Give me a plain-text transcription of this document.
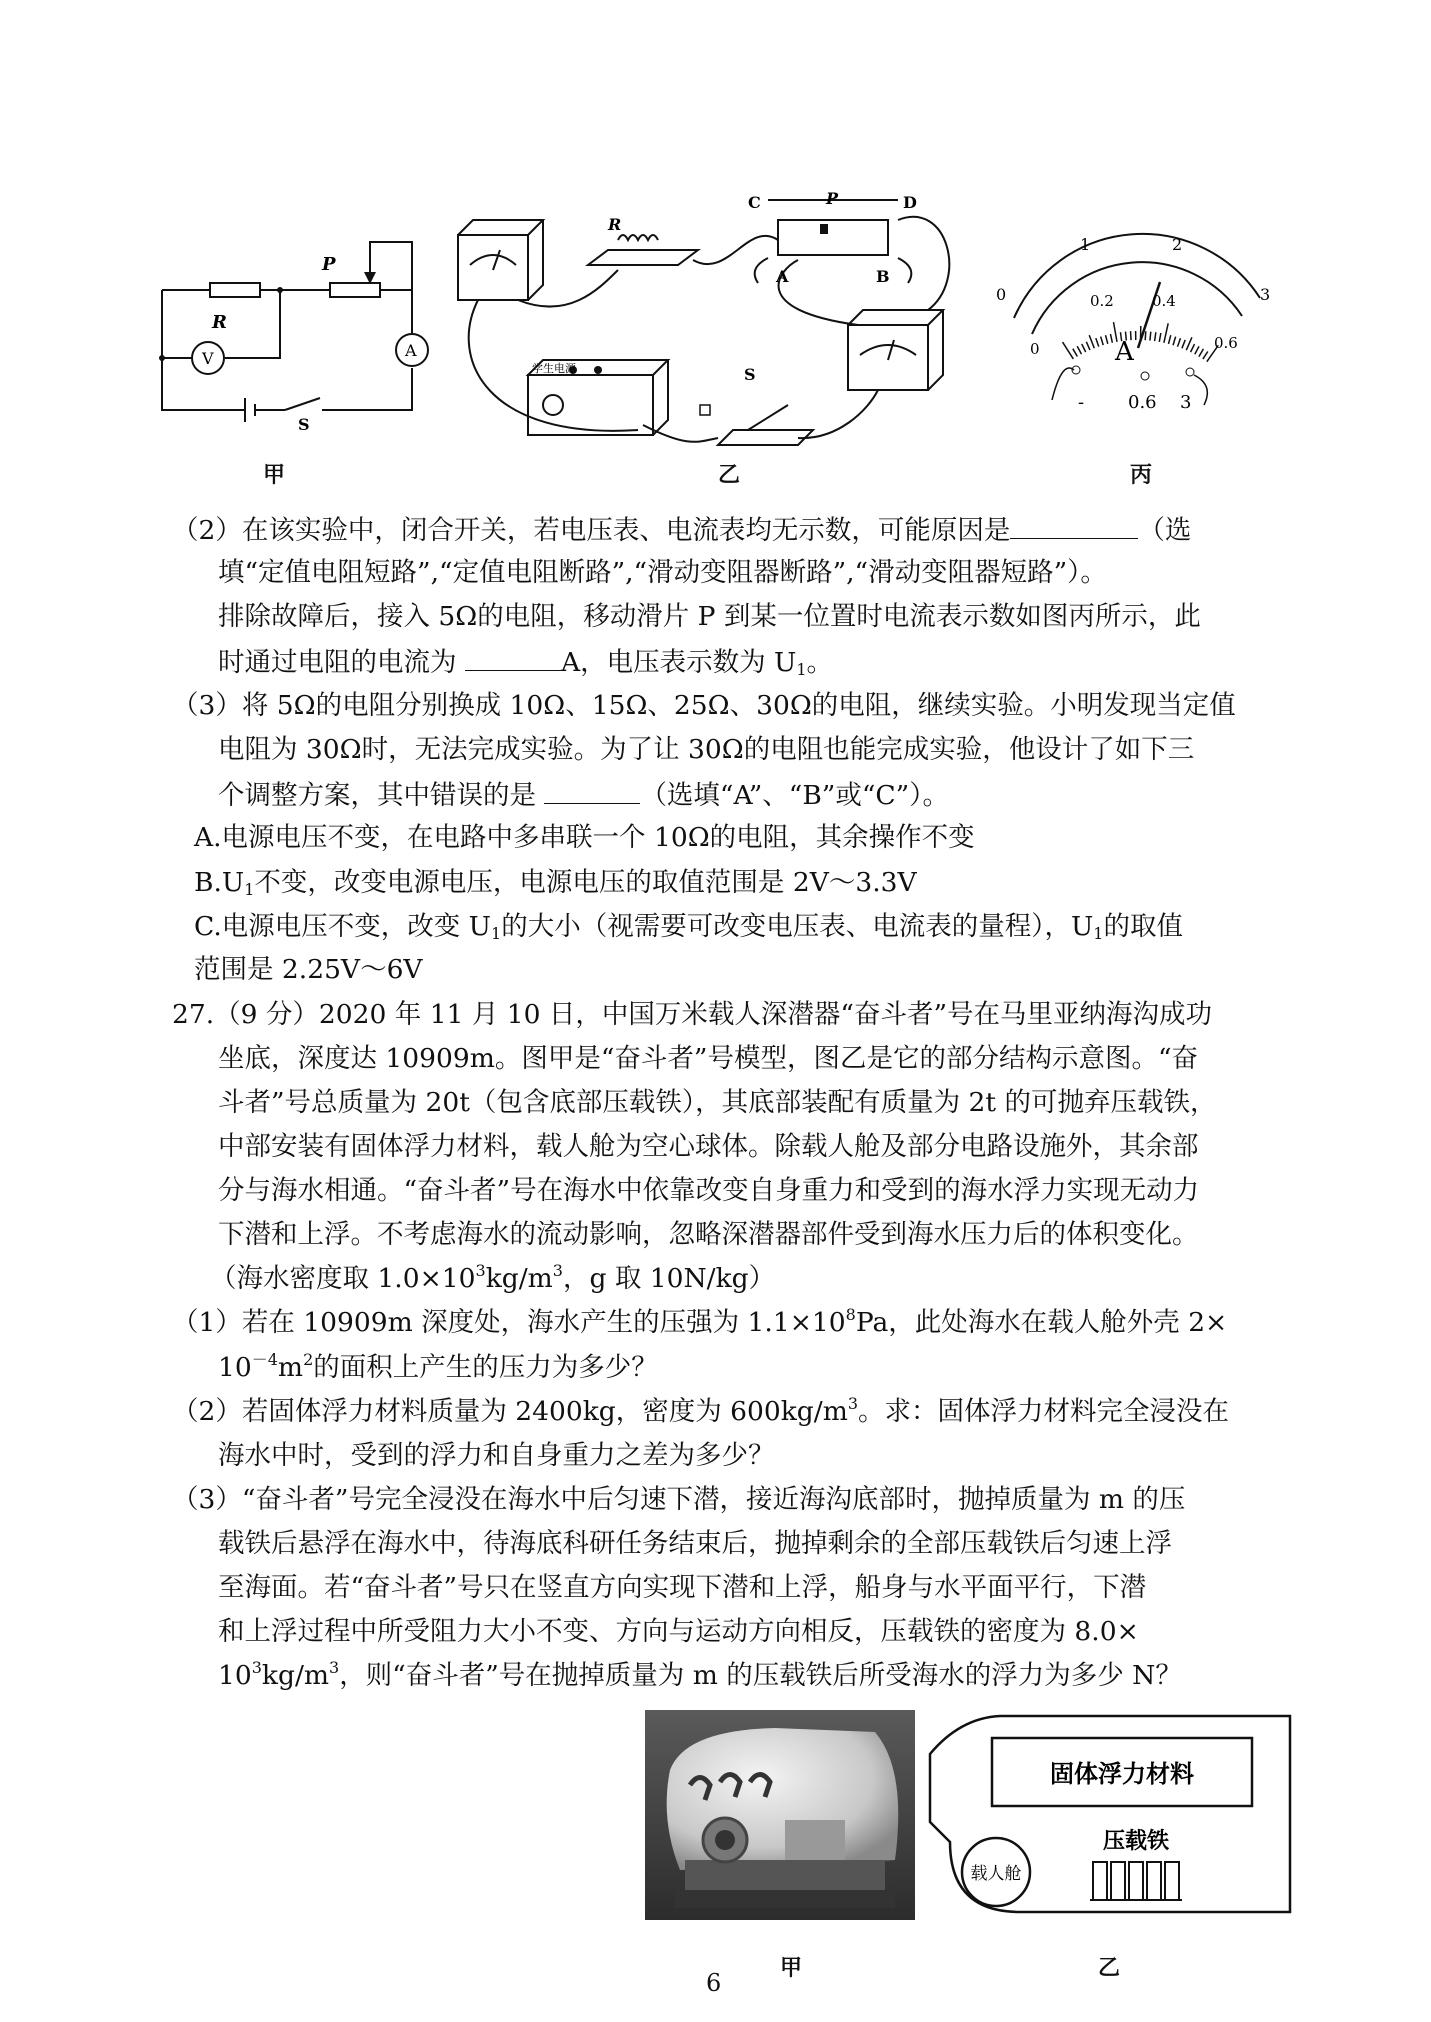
R
P
V	A
S
甲
R
C	P	D
A	B
S
学生电源
乙
0
1	2
3
0
0.2	0.4
0.6
A
- 0.6 3
丙
（2）在该实验中，闭合开关，若电压表、电流表均无示数，可能原因是	（选
填“定值电阻短路”,“定值电阻断路”,“滑动变阻器断路”,“滑动变阻器短路”）。
排除故障后，接入 5Ω的电阻，移动滑片 P 到某一位置时电流表示数如图丙所示，此
时通过电阻的电流为	A，电压表示数为 $U_1$。
（3）将 5Ω的电阻分别换成 10Ω、15Ω、25Ω、30Ω的电阻，继续实验。小明发现当定值
电阻为 30Ω时，无法完成实验。为了让 30Ω的电阻也能完成实验，他设计了如下三
个调整方案，其中错误的是	（选填“A”、“B”或“C”）。
A.电源电压不变，在电路中多串联一个 10Ω的电阻，其余操作不变
$B.U_1$不变，改变电源电压，电源电压的取值范围是 2V～3.3V
C.电源电压不变，改变 $U_1$的大小（视需要可改变电压表、电流表的量程），$U_1$的取值
范围是 2.25V～6V
27.（9 分）2020 年 11 月 10 日，中国万米载人深潜器“奋斗者”号在马里亚纳海沟成功
坐底，深度达 10909m。图甲是“奋斗者”号模型，图乙是它的部分结构示意图。“奋
斗者”号总质量为 20t（包含底部压载铁），其底部装配有质量为 2t 的可抛弃压载铁，
中部安装有固体浮力材料，载人舱为空心球体。除载人舱及部分电路设施外，其余部
分与海水相通。“奋斗者”号在海水中依靠改变自身重力和受到的海水浮力实现无动力
下潜和上浮。不考虑海水的流动影响，忽略深潜器部件受到海水压力后的体积变化。
（海水密度取 $1.0\times 10^3kg/m^3$，g 取 10N/kg）
（1）若在 10909m 深度处，海水产生的压强为 $1.1\times 10^8Pa$，此处海水在载人舱外壳 2×
$10^{-4}m^2$的面积上产生的压力为多少？
（2）若固体浮力材料质量为 2400kg，密度为 $600kg/m^3$。求：固体浮力材料完全浸没在
海水中时，受到的浮力和自身重力之差为多少？
（3）“奋斗者”号完全浸没在海水中后匀速下潜，接近海沟底部时，抛掉质量为 m 的压
载铁后悬浮在海水中，待海底科研任务结束后，抛掉剩余的全部压载铁后匀速上浮
至海面。若“奋斗者”号只在竖直方向实现下潜和上浮，船身与水平面平行，下潜
和上浮过程中所受阻力大小不变、方向与运动方向相反，压载铁的密度为 8.0×
$10^3kg/m^3$，则“奋斗者”号在抛掉质量为 m 的压载铁后所受海水的浮力为多少 N？
甲
固体浮力材料
压载铁
载人舱
乙
6
